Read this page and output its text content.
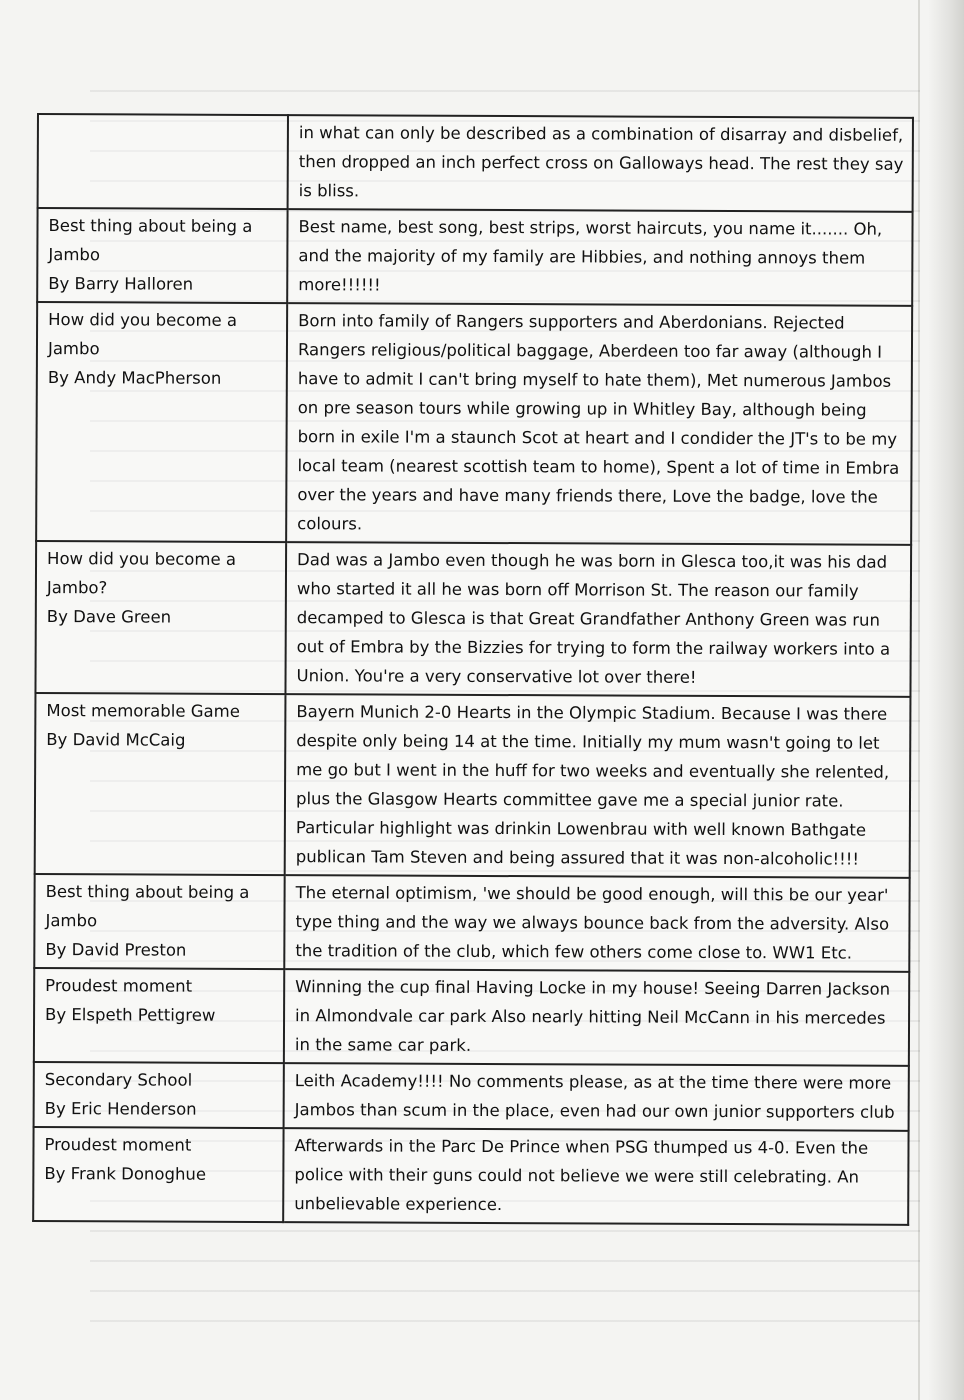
	in what can only be described as a combination of disarray and disbelief, then dropped an inch perfect cross on Galloways head. The rest they say is bliss.

Best thing about being a Jambo
By Barry Halloren	Best name, best song, best strips, worst haircuts, you name it....... Oh, and the majority of my family are Hibbies, and nothing annoys them more!!!!!!

How did you become a Jambo
By Andy MacPherson	Born into family of Rangers supporters and Aberdonians. Rejected Rangers religious/political baggage, Aberdeen too far away (although I have to admit I can't bring myself to hate them), Met numerous Jambos on pre season tours while growing up in Whitley Bay, although being born in exile I'm a staunch Scot at heart and I condider the JT's to be my local team (nearest scottish team to home), Spent a lot of time in Embra over the years and have many friends there, Love the badge, love the colours.

How did you become a Jambo?
By Dave Green	Dad was a Jambo even though he was born in Glesca too,it was his dad who started it all he was born off Morrison St. The reason our family decamped to Glesca is that Great Grandfather Anthony Green was run out of Embra by the Bizzies for trying to form the railway workers into a Union. You're a very conservative lot over there!

Most memorable Game
By David McCaig	Bayern Munich 2-0 Hearts in the Olympic Stadium. Because I was there despite only being 14 at the time. Initially my mum wasn't going to let me go but I went in the huff for two weeks and eventually she relented, plus the Glasgow Hearts committee gave me a special junior rate. Particular highlight was drinkin Lowenbrau with well known Bathgate publican Tam Steven and being assured that it was non-alcoholic!!!!

Best thing about being a Jambo
By David Preston	The eternal optimism, 'we should be good enough, will this be our year' type thing and the way we always bounce back from the adversity. Also the tradition of the club, which few others come close to. WW1 Etc.

Proudest moment
By Elspeth Pettigrew	Winning the cup final Having Locke in my house! Seeing Darren Jackson in Almondvale car park Also nearly hitting Neil McCann in his mercedes in the same car park.

Secondary School
By Eric Henderson	Leith Academy!!!! No comments please, as at the time there were more Jambos than scum in the place, even had our own junior supporters club

Proudest moment
By Frank Donoghue	Afterwards in the Parc De Prince when PSG thumped us 4-0. Even the police with their guns could not believe we were still celebrating. An unbelievable experience.
